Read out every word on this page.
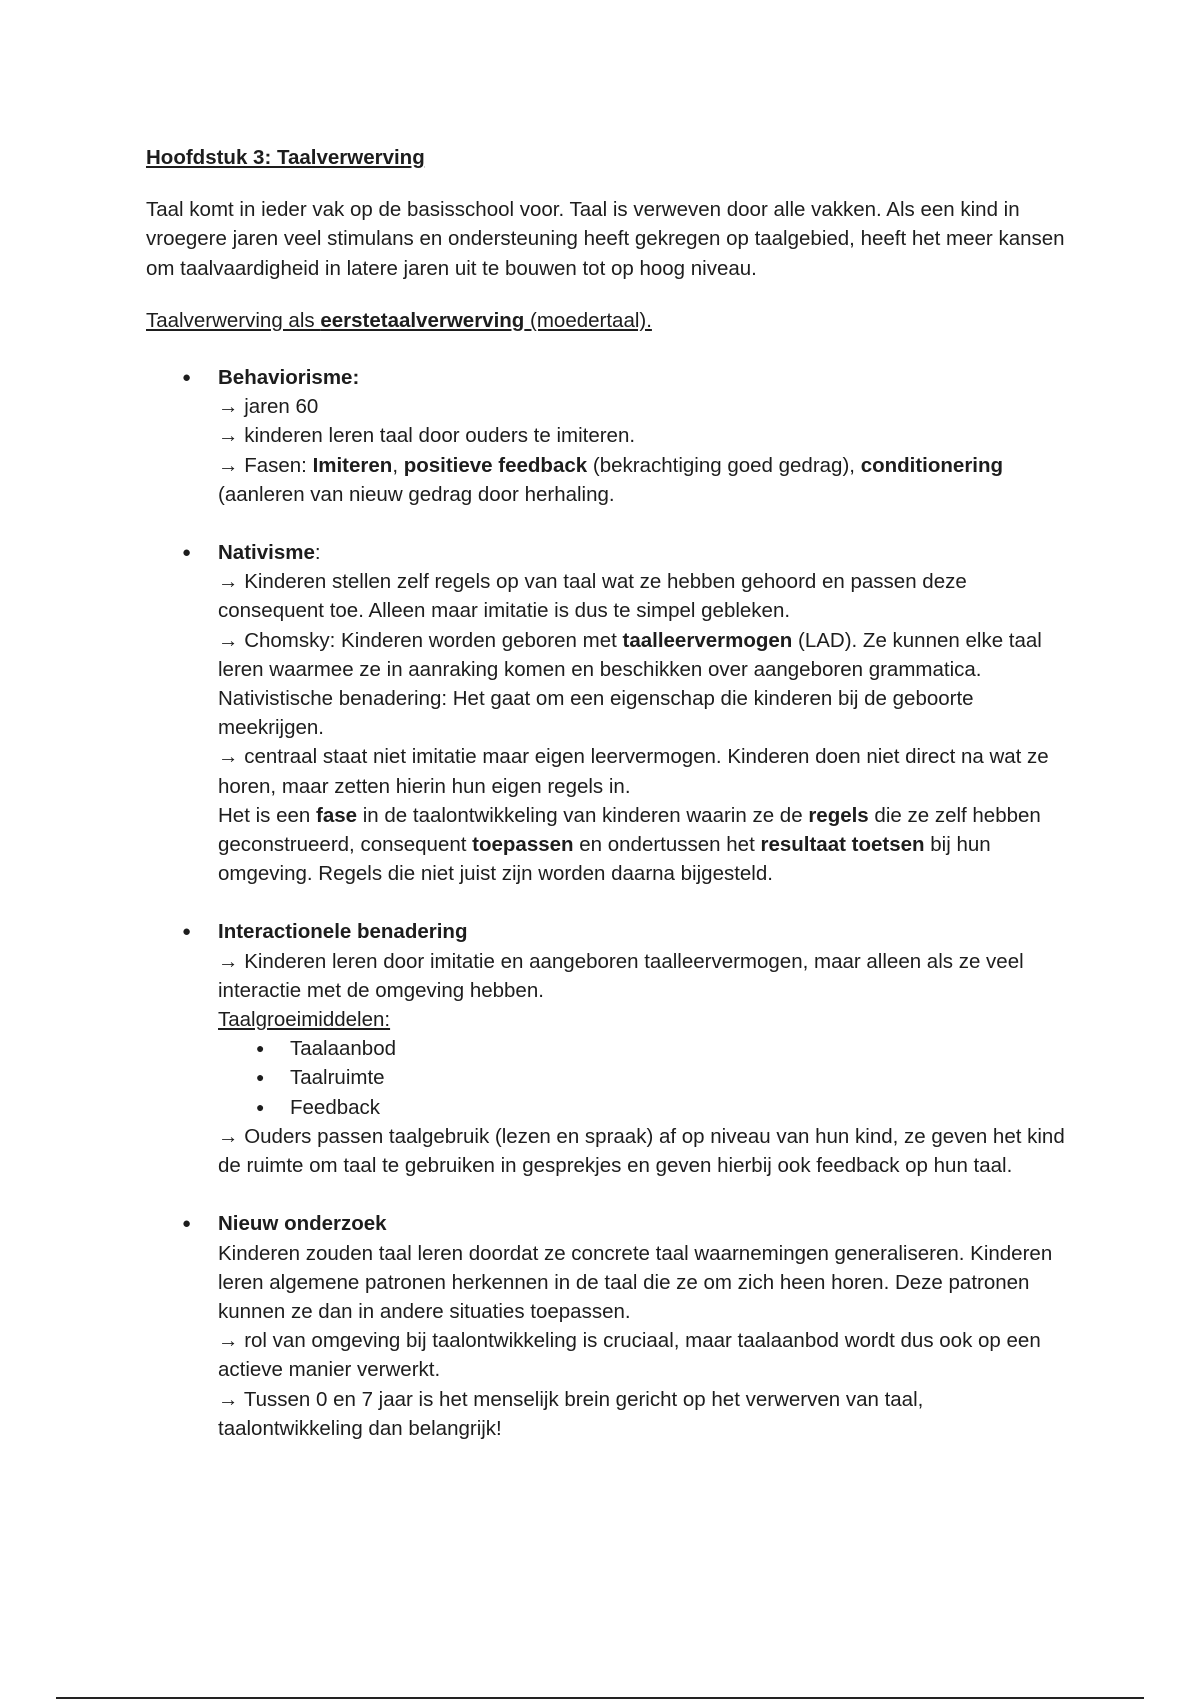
Hoofdstuk 3: Taalverwerving

Taal komt in ieder vak op de basisschool voor. Taal is verweven door alle vakken. Als een kind in vroegere jaren veel stimulans en ondersteuning heeft gekregen op taalgebied, heeft het meer kansen om taalvaardigheid in latere jaren uit te bouwen tot op hoog niveau.

Taalverwerving als eerstetaalverwerving (moedertaal).

● Behaviorisme:
→ jaren 60
→ kinderen leren taal door ouders te imiteren.
→ Fasen: Imiteren, positieve feedback (bekrachtiging goed gedrag), conditionering (aanleren van nieuw gedrag door herhaling.
● Nativisme:
→ Kinderen stellen zelf regels op van taal wat ze hebben gehoord en passen deze consequent toe. Alleen maar imitatie is dus te simpel gebleken.
→ Chomsky: Kinderen worden geboren met taalleervermogen (LAD). Ze kunnen elke taal leren waarmee ze in aanraking komen en beschikken over aangeboren grammatica.
Nativistische benadering: Het gaat om een eigenschap die kinderen bij de geboorte meekrijgen.
→ centraal staat niet imitatie maar eigen leervermogen. Kinderen doen niet direct na wat ze horen, maar zetten hierin hun eigen regels in.
Het is een fase in de taalontwikkeling van kinderen waarin ze de regels die ze zelf hebben geconstrueerd, consequent toepassen en ondertussen het resultaat toetsen bij hun omgeving. Regels die niet juist zijn worden daarna bijgesteld.
● Interactionele benadering
→ Kinderen leren door imitatie en aangeboren taalleervermogen, maar alleen als ze veel interactie met de omgeving hebben.
Taalgroeimiddelen:
● Taalaanbod
● Taalruimte
● Feedback
→ Ouders passen taalgebruik (lezen en spraak) af op niveau van hun kind, ze geven het kind de ruimte om taal te gebruiken in gesprekjes en geven hierbij ook feedback op hun taal.
● Nieuw onderzoek
Kinderen zouden taal leren doordat ze concrete taal waarnemingen generaliseren. Kinderen leren algemene patronen herkennen in de taal die ze om zich heen horen. Deze patronen kunnen ze dan in andere situaties toepassen.
→ rol van omgeving bij taalontwikkeling is cruciaal, maar taalaanbod wordt dus ook op een actieve manier verwerkt.
→ Tussen 0 en 7 jaar is het menselijk brein gericht op het verwerven van taal, taalontwikkeling dan belangrijk!
